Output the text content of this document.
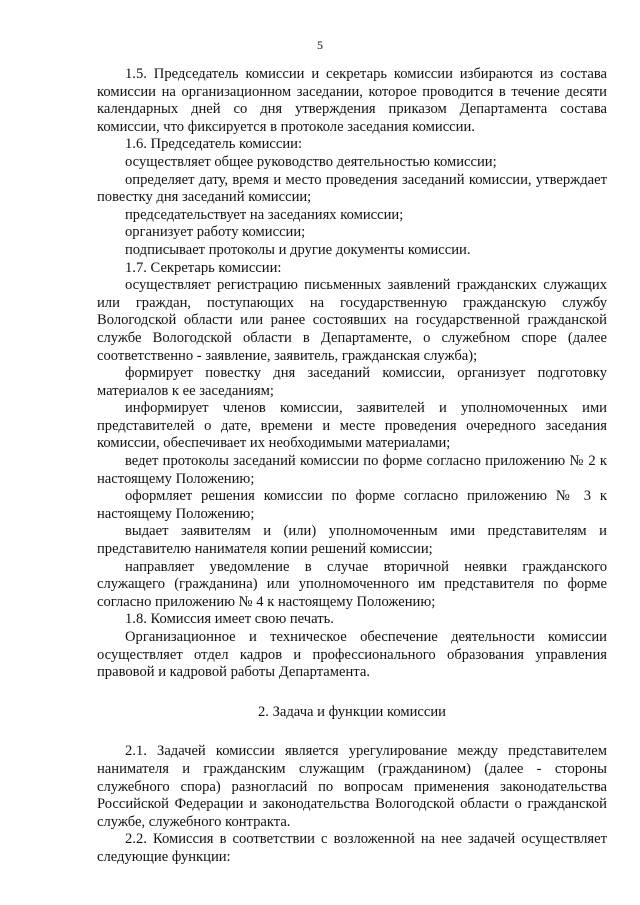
5

1.5. Председатель комиссии и секретарь комиссии избираются из состава комиссии на организационном заседании, которое проводится в течение десяти календарных дней со дня утверждения приказом Департамента состава комиссии, что фиксируется в протоколе заседания комиссии.

1.6. Председатель комиссии:

осуществляет общее руководство деятельностью комиссии;

определяет дату, время и место проведения заседаний комиссии, утверждает повестку дня заседаний комиссии;

председательствует на заседаниях комиссии;

организует работу комиссии;

подписывает протоколы и другие документы комиссии.

1.7. Секретарь комиссии:

осуществляет регистрацию письменных заявлений гражданских служащих или граждан, поступающих на государственную гражданскую службу Вологодской области или ранее состоявших на государственной гражданской службе Вологодской области в Департаменте, о служебном споре (далее соответственно - заявление, заявитель, гражданская служба);

формирует повестку дня заседаний комиссии, организует подготовку материалов к ее заседаниям;

информирует членов комиссии, заявителей и уполномоченных ими представителей о дате, времени и месте проведения очередного заседания комиссии, обеспечивает их необходимыми материалами;

ведет протоколы заседаний комиссии по форме согласно приложению № 2 к настоящему Положению;

оформляет решения комиссии по форме согласно приложению № 3 к настоящему Положению;

выдает заявителям и (или) уполномоченным ими представителям и представителю нанимателя копии решений комиссии;

направляет уведомление в случае вторичной неявки гражданского служащего (гражданина) или уполномоченного им представителя по форме согласно приложению № 4 к настоящему Положению;

1.8. Комиссия имеет свою печать.

Организационное и техническое обеспечение деятельности комиссии осуществляет отдел кадров и профессионального образования управления правовой и кадровой работы Департамента.

2. Задача и функции комиссии

2.1. Задачей комиссии является урегулирование между представителем нанимателя и гражданским служащим (гражданином) (далее - стороны служебного спора) разногласий по вопросам применения законодательства Российской Федерации и законодательства Вологодской области о гражданской службе, служебного контракта.

2.2. Комиссия в соответствии с возложенной на нее задачей осуществляет следующие функции:
